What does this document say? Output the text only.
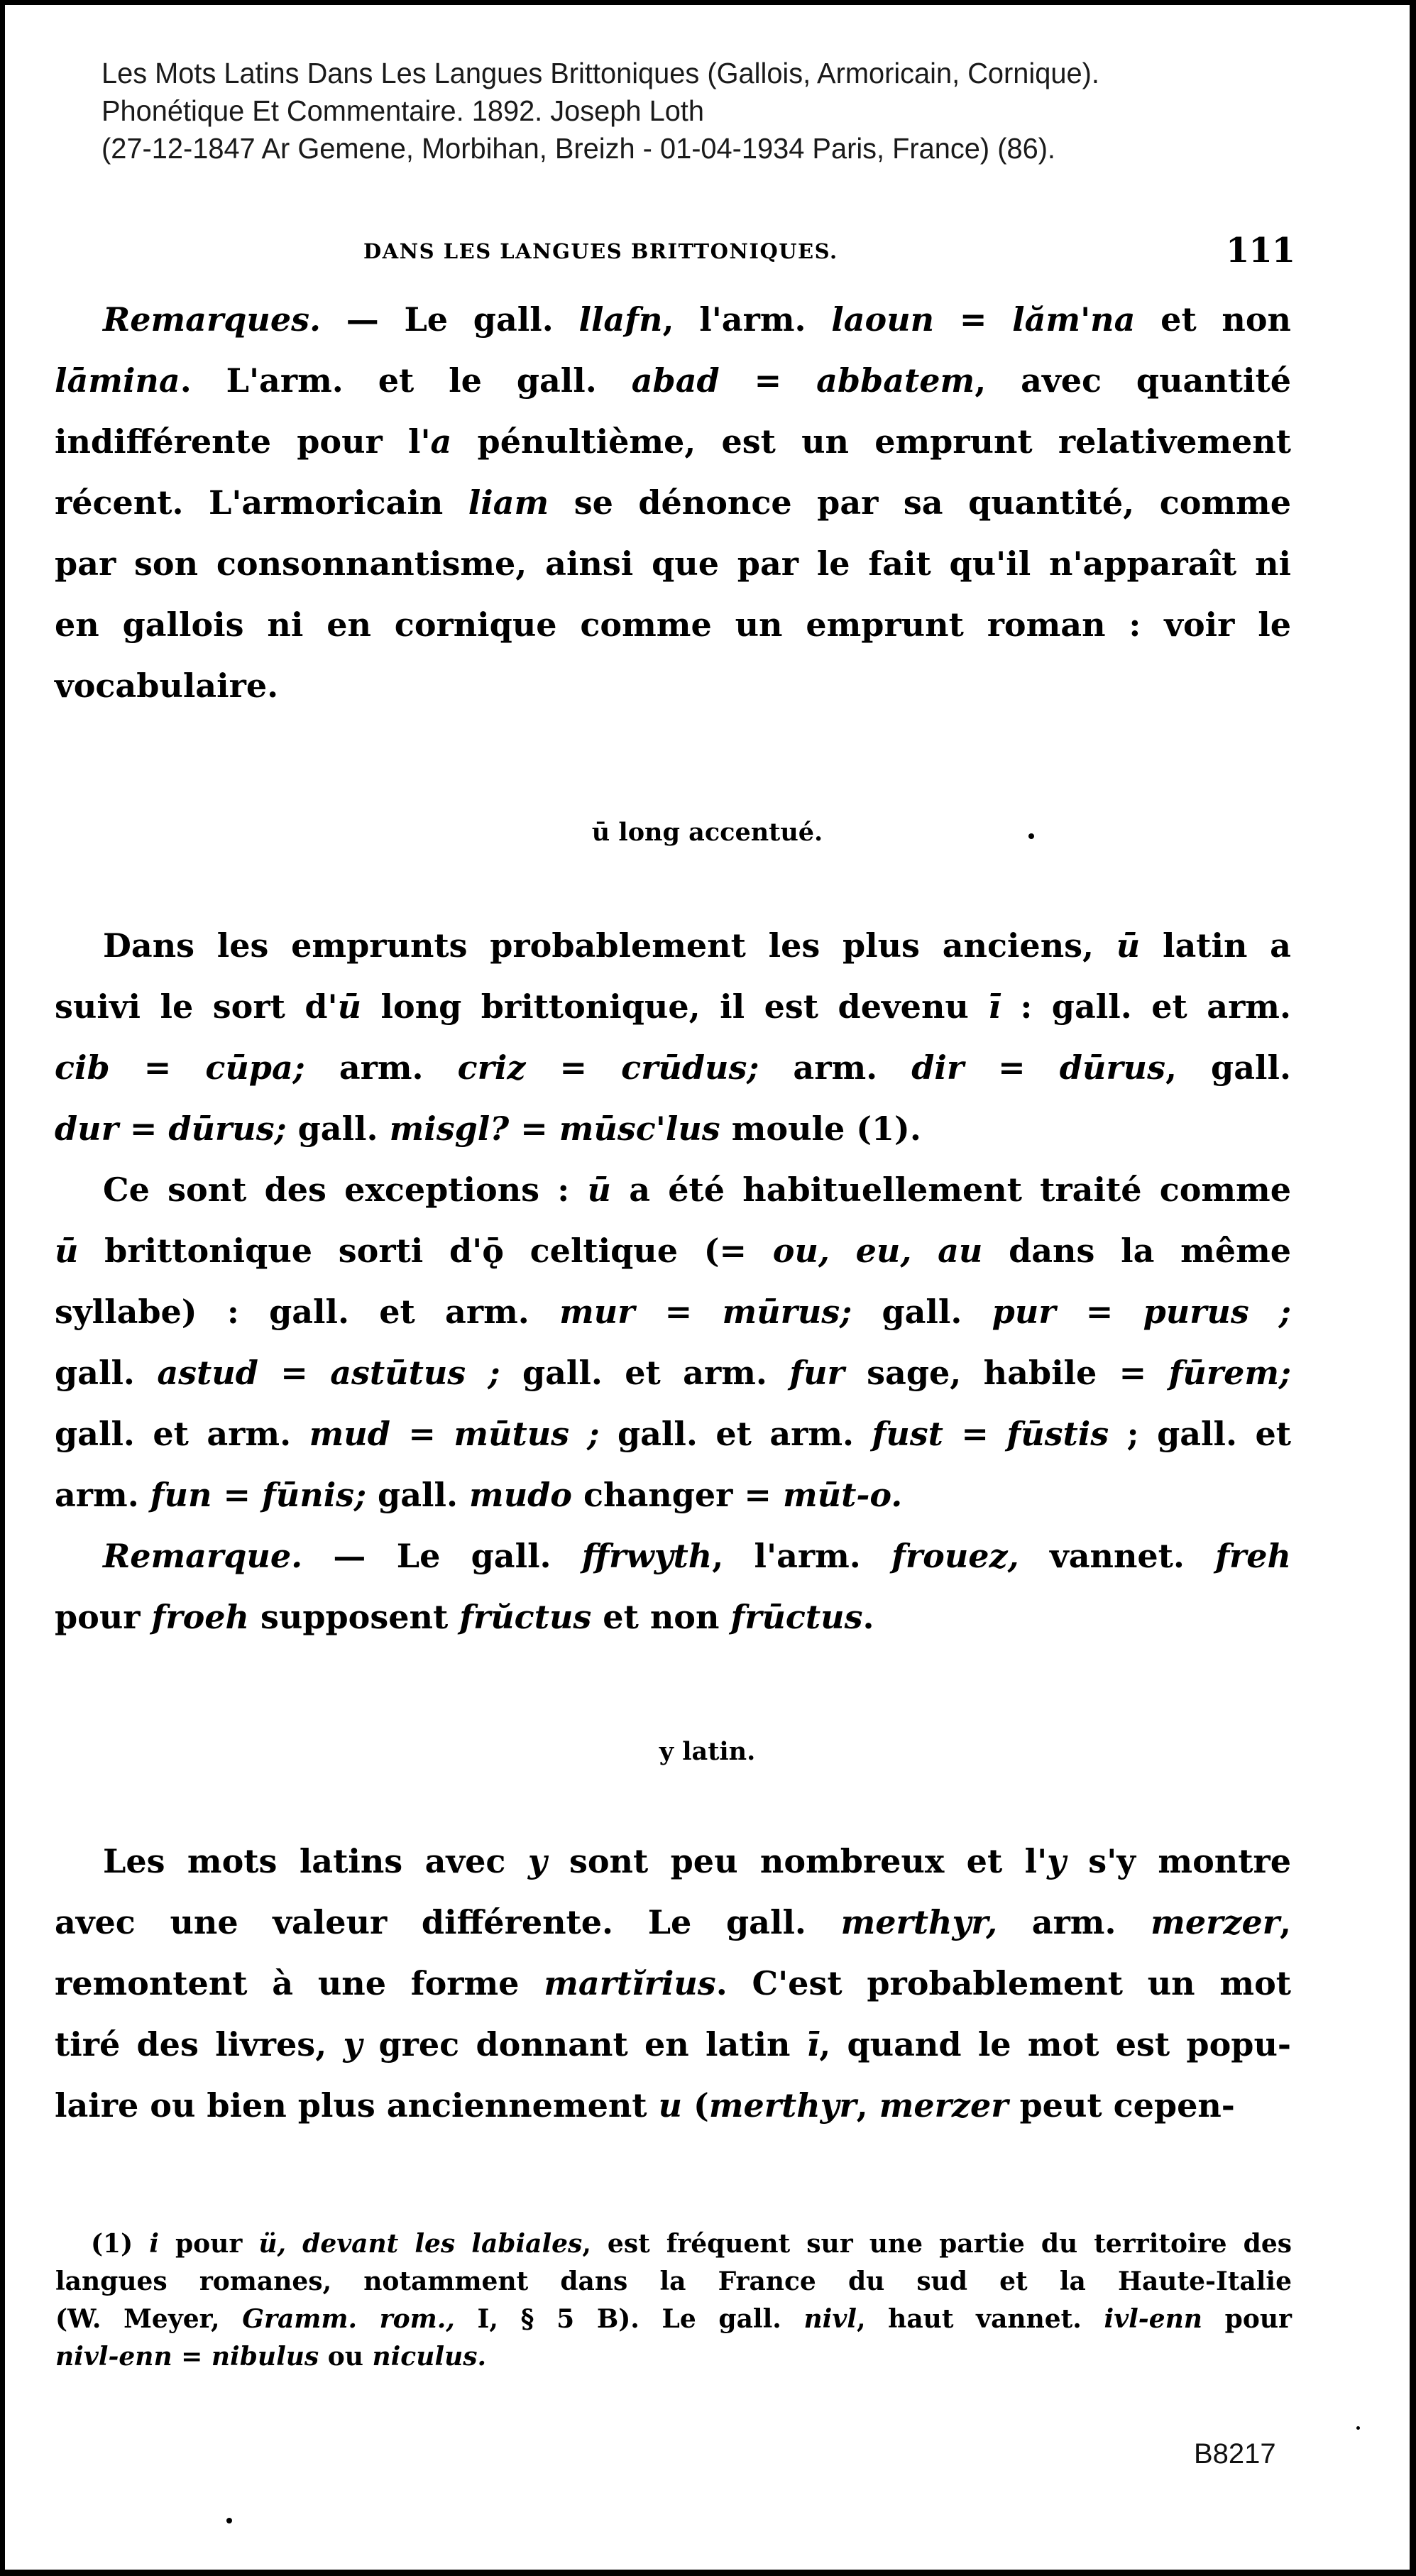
Les Mots Latins Dans Les Langues Brittoniques (Gallois, Armoricain, Cornique).
Phonétique Et Commentaire. 1892. Joseph Loth
(27-12-1847 Ar Gemene, Morbihan, Breizh - 01-04-1934 Paris, France) (86).
DANS LES LANGUES BRITTONIQUES.	111
Remarques. — Le gall. llafn, l'arm. laoun = lăm'na et non
lāmina. L'arm. et le gall. abad = abbatem, avec quantité
indifférente pour l'a pénultième, est un emprunt relativement
récent. L'armoricain liam se dénonce par sa quantité, comme
par son consonnantisme, ainsi que par le fait qu'il n'apparaît ni
en gallois ni en cornique comme un emprunt roman : voir le
vocabulaire.
ū long accentué.
Dans les emprunts probablement les plus anciens, ū latin a
suivi le sort d'ū long brittonique, il est devenu ī : gall. et arm.
cib = cūpa; arm. criz = crūdus; arm. dir = dūrus, gall.
dur = dūrus; gall. misgl? = mūsc'lus moule (1).
Ce sont des exceptions : ū a été habituellement traité comme
ū brittonique sorti d'ǭ celtique (= ou, eu, au dans la même
syllabe) : gall. et arm. mur = mūrus; gall. pur = purus ;
gall. astud = astūtus ; gall. et arm. fur sage, habile = fūrem;
gall. et arm. mud = mūtus ; gall. et arm. fust = fūstis ; gall. et
arm. fun = fūnis; gall. mudo changer = mūt-o.
Remarque. — Le gall. ffrwyth, l'arm. frouez, vannet. freh
pour froeh supposent frŭctus et non frūctus.
y latin.
Les mots latins avec y sont peu nombreux et l'y s'y montre
avec une valeur différente. Le gall. merthyr, arm. merzer,
remontent à une forme martĭrius. C'est probablement un mot
tiré des livres, y grec donnant en latin ī, quand le mot est popu-
laire ou bien plus anciennement u (merthyr, merzer peut cepen-
(1) i pour ü, devant les labiales, est fréquent sur une partie du territoire des
langues romanes, notamment dans la France du sud et la Haute-Italie
(W. Meyer, Gramm. rom., I, § 5 B). Le gall. nivl, haut vannet. ivl-enn pour
nivl-enn = nibulus ou niculus.
B8217
